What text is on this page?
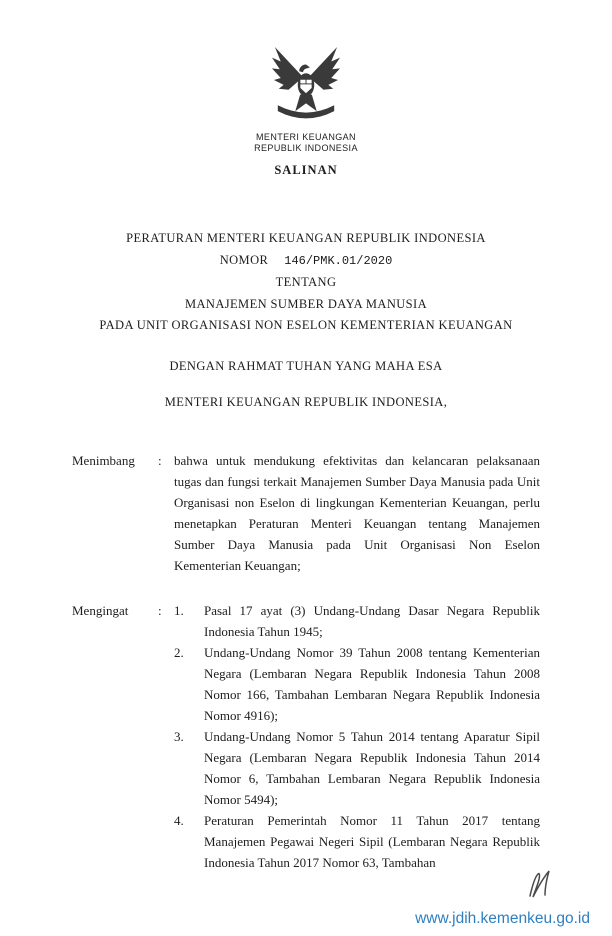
MENTERI KEUANGAN
REPUBLIK INDONESIA
SALINAN
PERATURAN MENTERI KEUANGAN REPUBLIK INDONESIA
NOMOR 146/PMK.01/2020
TENTANG
MANAJEMEN SUMBER DAYA MANUSIA
PADA UNIT ORGANISASI NON ESELON KEMENTERIAN KEUANGAN
DENGAN RAHMAT TUHAN YANG MAHA ESA
MENTERI KEUANGAN REPUBLIK INDONESIA,
Menimbang	: bahwa untuk mendukung efektivitas dan kelancaran pelaksanaan tugas dan fungsi terkait Manajemen Sumber Daya Manusia pada Unit Organisasi non Eselon di lingkungan Kementerian Keuangan, perlu menetapkan Peraturan Menteri Keuangan tentang Manajemen Sumber Daya Manusia pada Unit Organisasi Non Eselon Kementerian Keuangan;
Mengingat	: 1.	Pasal 17 ayat (3) Undang-Undang Dasar Negara Republik Indonesia Tahun 1945;
2.	Undang-Undang Nomor 39 Tahun 2008 tentang Kementerian Negara (Lembaran Negara Republik Indonesia Tahun 2008 Nomor 166, Tambahan Lembaran Negara Republik Indonesia Nomor 4916);
3.	Undang-Undang Nomor 5 Tahun 2014 tentang Aparatur Sipil Negara (Lembaran Negara Republik Indonesia Tahun 2014 Nomor 6, Tambahan Lembaran Negara Republik Indonesia Nomor 5494);
4.	Peraturan Pemerintah Nomor 11 Tahun 2017 tentang Manajemen Pegawai Negeri Sipil (Lembaran Negara Republik Indonesia Tahun 2017 Nomor 63, Tambahan
www.jdih.kemenkeu.go.id
